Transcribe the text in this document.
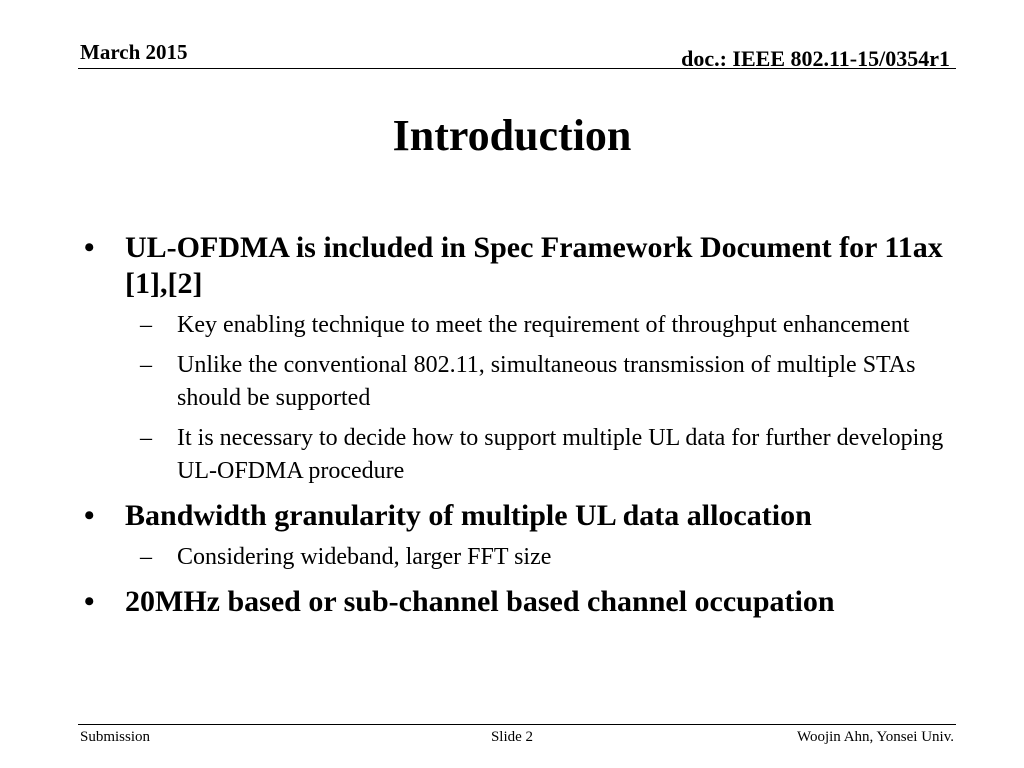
March 2015	doc.: IEEE 802.11-15/0354r1
Introduction
•	UL-OFDMA is included in Spec Framework Document for 11ax [1],[2]
–	Key enabling technique to meet the requirement of throughput enhancement
–	Unlike the conventional 802.11, simultaneous transmission of multiple STAs should be supported
–	It is necessary to decide how to support multiple UL data for further developing UL-OFDMA procedure
•	Bandwidth granularity of multiple UL data allocation
–	Considering wideband, larger FFT size
•	20MHz based or sub-channel based channel occupation
Submission	Slide 2	Woojin Ahn, Yonsei Univ.
